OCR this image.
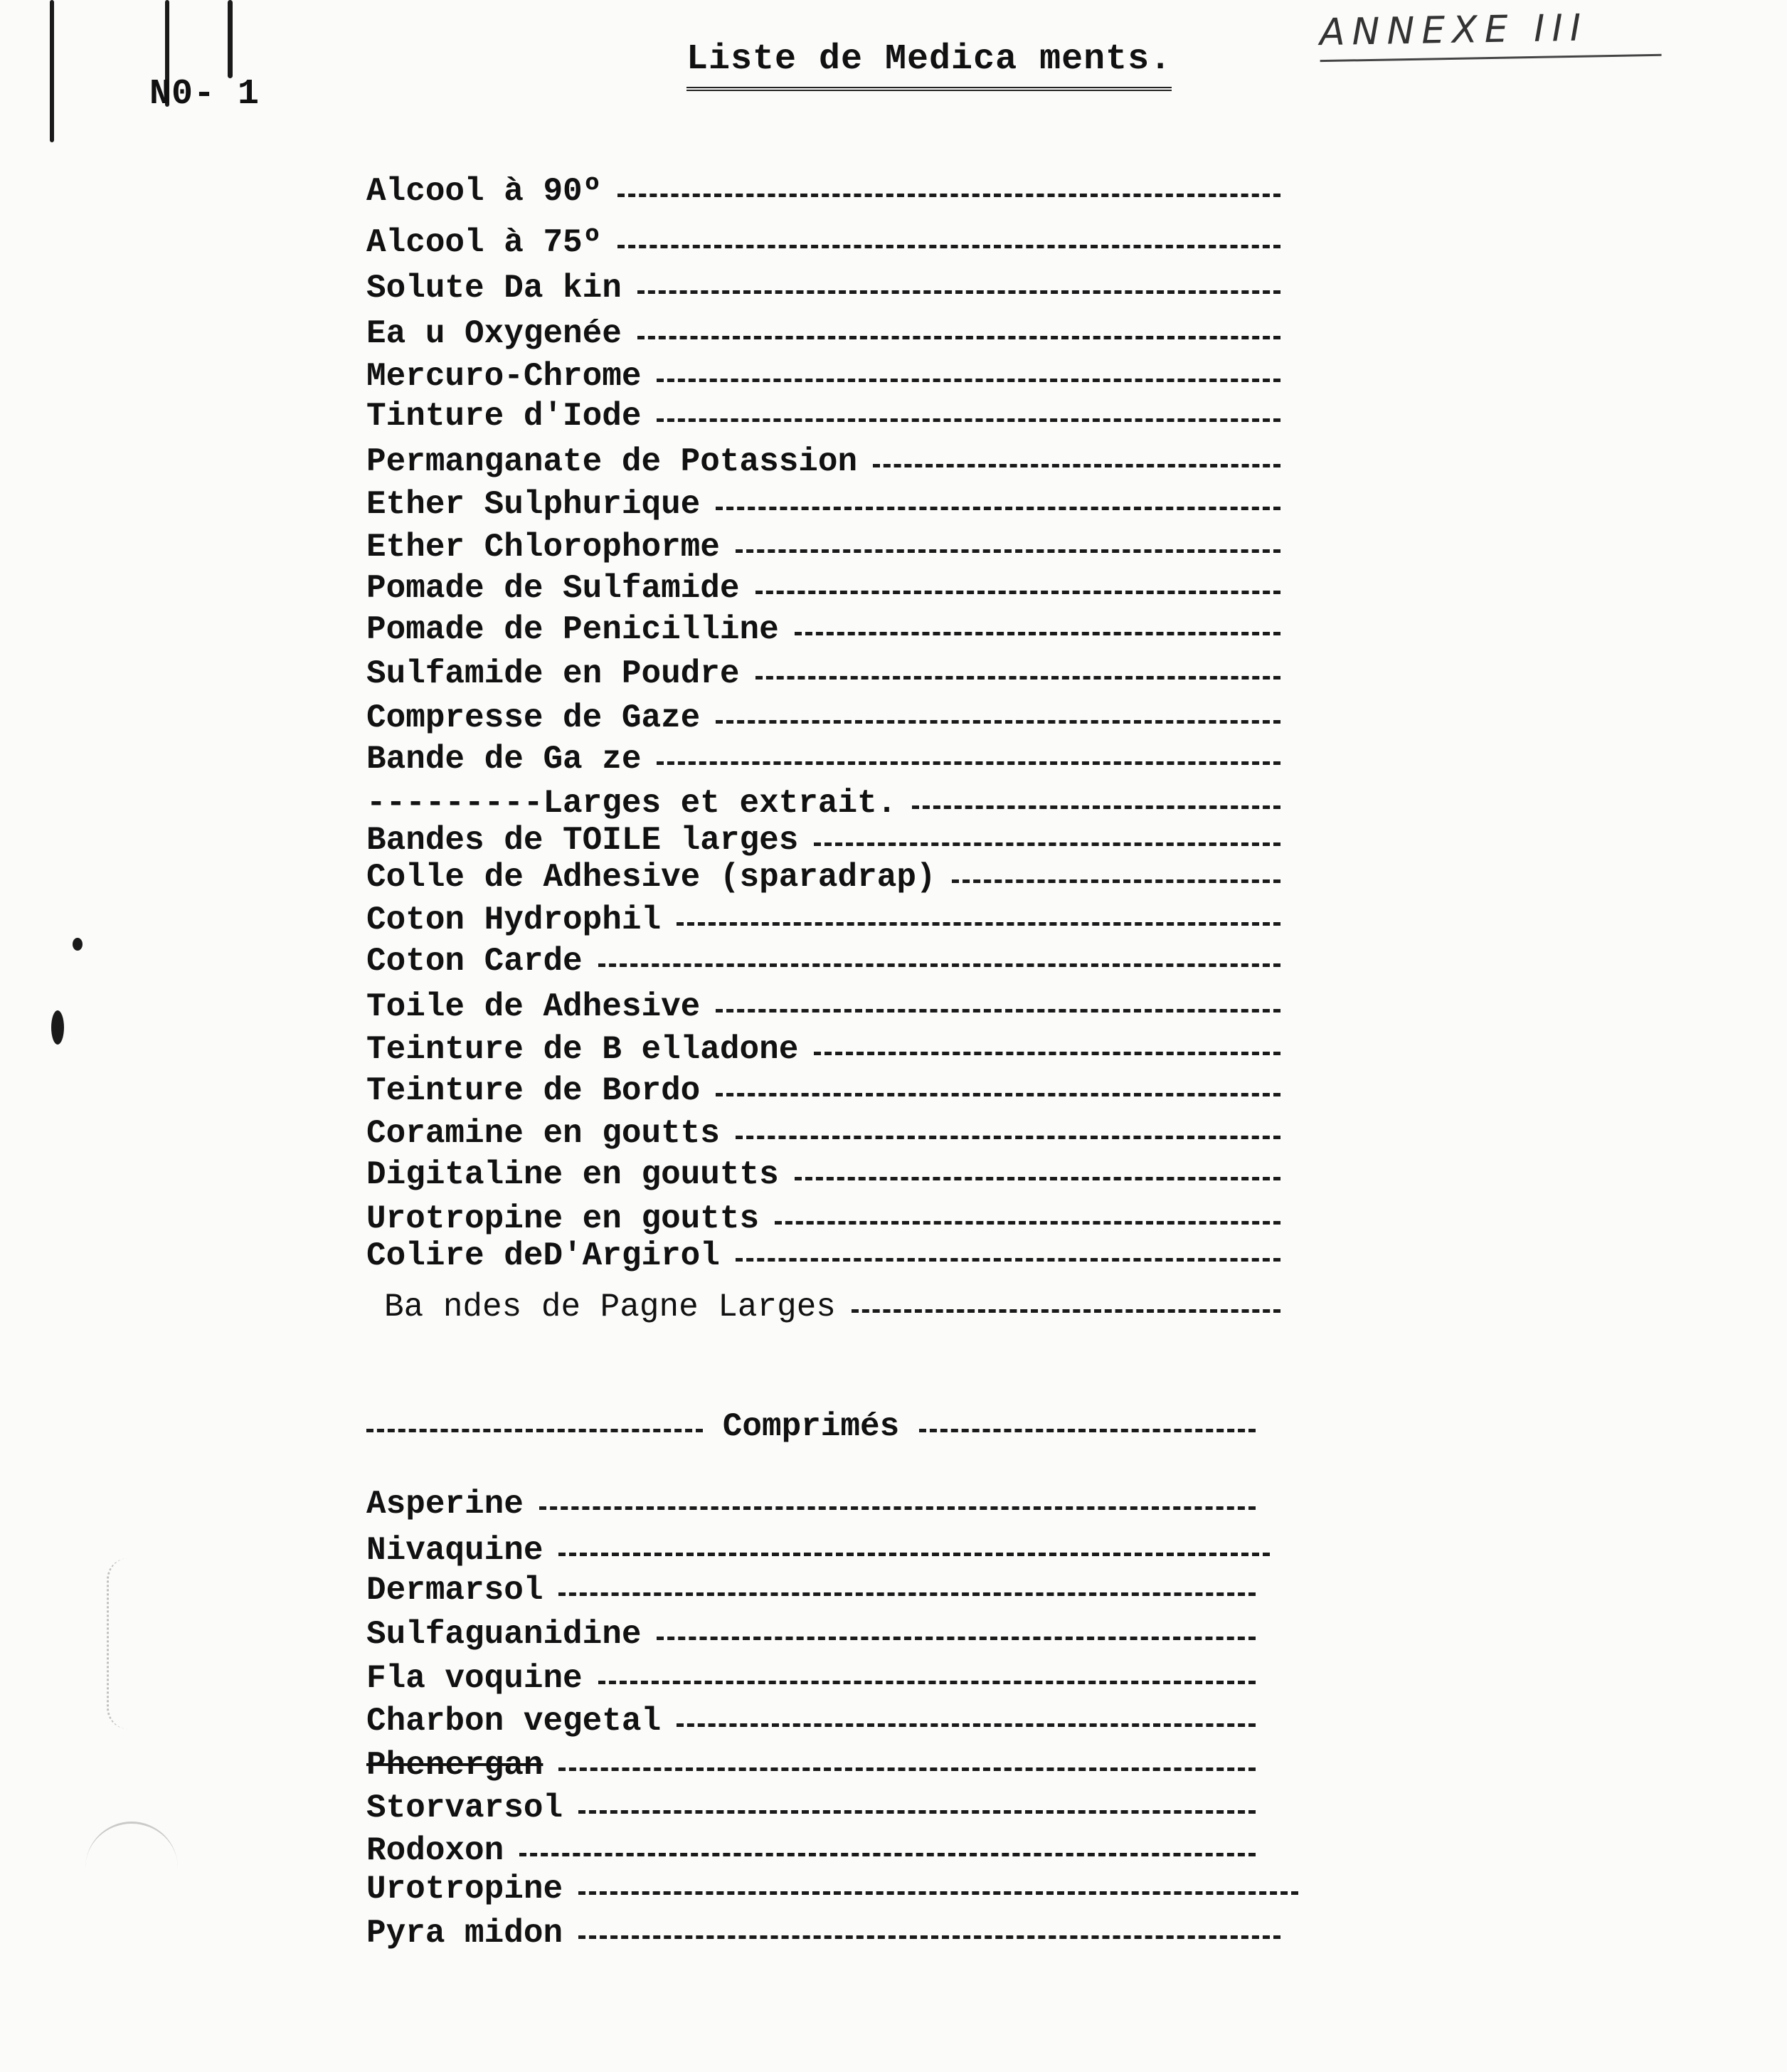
N0- 1
Liste de Medica ments.
ANNEXE III
Alcool à 90º
Alcool à 75º
Solute Da kin
Ea u Oxygenée
Mercuro-Chrome
Tinture d'Iode
Permanganate de Potassion
Ether Sulphurique
Ether Chlorophorme
Pomade de Sulfamide
Pomade de Penicilline
Sulfamide en Poudre
Compresse de Gaze
Bande de Ga ze
---------Larges et extrait.
Bandes de TOILE larges
Colle de Adhesive (sparadrap)
Coton Hydrophil
Coton Carde
Toile de Adhesive
Teinture de B elladone
Teinture de Bordo
Coramine en goutts
Digitaline en gouutts
Urotropine en goutts
Colire deD'Argirol
Ba ndes de Pagne Larges
Comprimés
Asperine
Nivaquine
Dermarsol
Sulfaguanidine
Fla voquine
Charbon vegetal
Phenergan
Storvarsol
Rodoxon
Urotropine
Pyra midon
